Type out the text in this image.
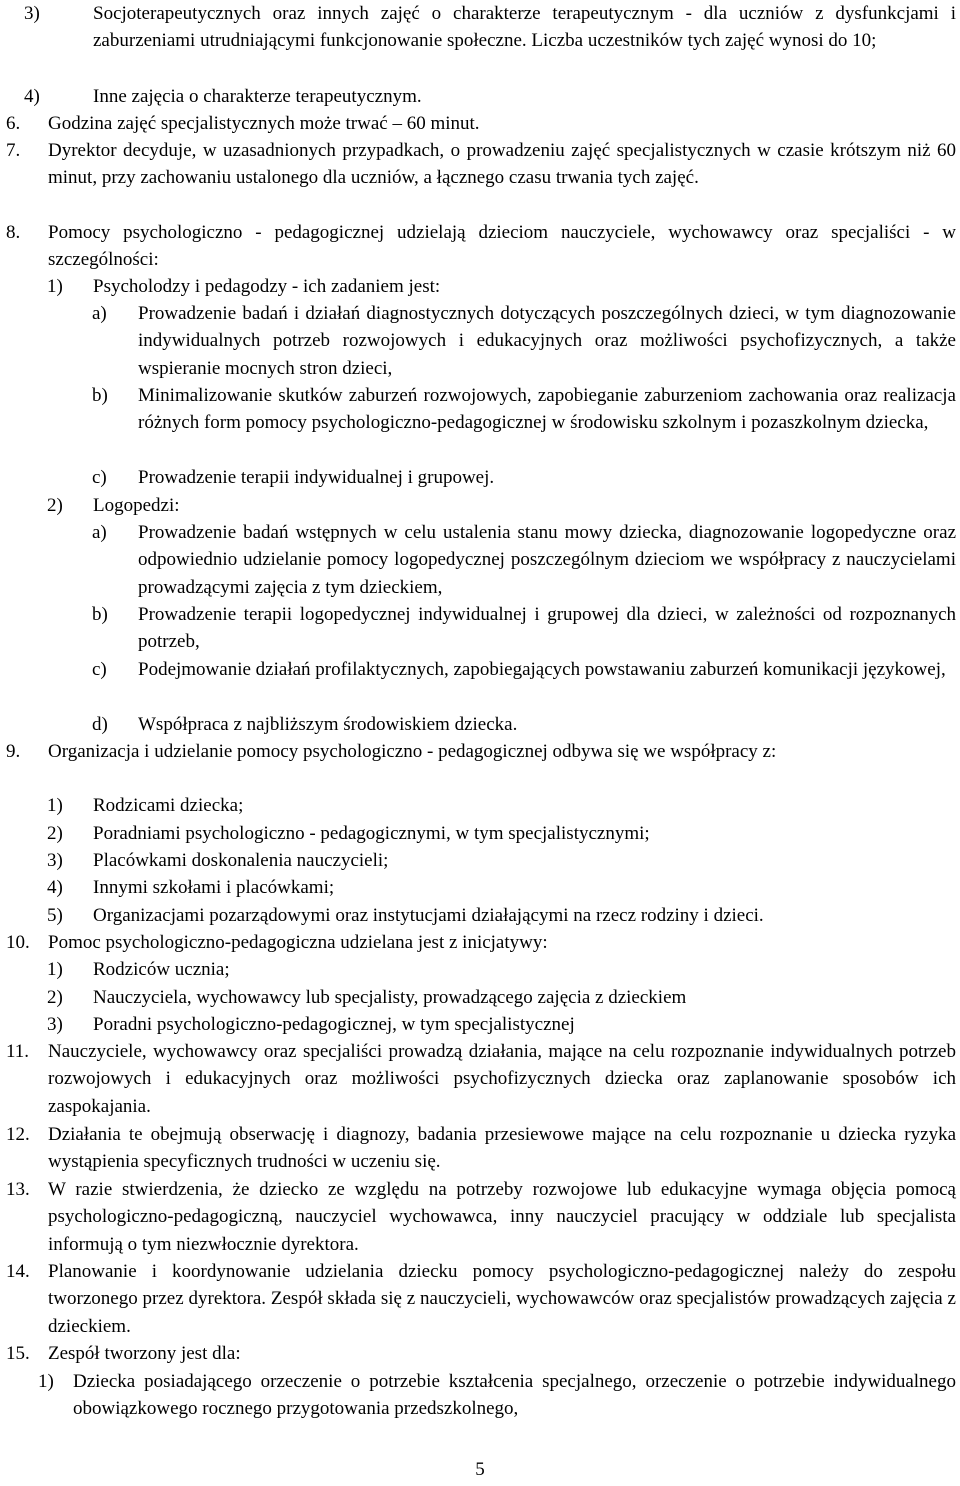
3)	Socjoterapeutycznych oraz innych zajęć o charakterze terapeutycznym - dla uczniów z dysfunkcjami i zaburzeniami utrudniającymi funkcjonowanie społeczne. Liczba uczestników tych zajęć wynosi do 10;
4)	Inne zajęcia o charakterze terapeutycznym.
6. Godzina zajęć specjalistycznych może trwać – 60 minut.
7. Dyrektor decyduje, w uzasadnionych przypadkach, o prowadzeniu zajęć specjalistycznych w czasie krótszym niż 60 minut, przy zachowaniu ustalonego dla uczniów, a łącznego czasu trwania tych zajęć.
8. Pomocy psychologiczno - pedagogicznej udzielają dzieciom nauczyciele, wychowawcy oraz specjaliści - w szczególności:
1) Psycholodzy i pedagodzy - ich zadaniem jest:
a) Prowadzenie badań i działań diagnostycznych dotyczących poszczególnych dzieci, w tym diagnozowanie indywidualnych potrzeb rozwojowych i edukacyjnych oraz możliwości psychofizycznych, a także wspieranie mocnych stron dzieci,
b) Minimalizowanie skutków zaburzeń rozwojowych, zapobieganie zaburzeniom zachowania oraz realizacja różnych form pomocy psychologiczno-pedagogicznej w środowisku szkolnym i pozaszkolnym dziecka,
c) Prowadzenie terapii indywidualnej i grupowej.
2) Logopedzi:
a) Prowadzenie badań wstępnych w celu ustalenia stanu mowy dziecka, diagnozowanie logopedyczne oraz odpowiednio udzielanie pomocy logopedycznej poszczególnym dzieciom we współpracy z nauczycielami prowadzącymi zajęcia z tym dzieckiem,
b) Prowadzenie terapii logopedycznej indywidualnej i grupowej dla dzieci, w zależności od rozpoznanych potrzeb,
c) Podejmowanie działań profilaktycznych, zapobiegających powstawaniu zaburzeń komunikacji językowej,
d) Współpraca z najbliższym środowiskiem dziecka.
9. Organizacja i udzielanie pomocy psychologiczno - pedagogicznej odbywa się we współpracy z:
1) Rodzicami dziecka;
2) Poradniami psychologiczno - pedagogicznymi, w tym specjalistycznymi;
3) Placówkami doskonalenia nauczycieli;
4) Innymi szkołami i placówkami;
5) Organizacjami pozarządowymi oraz instytucjami działającymi na rzecz rodziny i dzieci.
10. Pomoc psychologiczno-pedagogiczna udzielana jest z inicjatywy:
1) Rodziców ucznia;
2) Nauczyciela, wychowawcy lub specjalisty, prowadzącego zajęcia z dzieckiem
3) Poradni psychologiczno-pedagogicznej, w tym specjalistycznej
11. Nauczyciele, wychowawcy oraz specjaliści prowadzą działania, mające na celu rozpoznanie indywidualnych potrzeb rozwojowych i edukacyjnych oraz możliwości psychofizycznych dziecka oraz zaplanowanie sposobów ich zaspokajania.
12. Działania te obejmują obserwację i diagnozy, badania przesiewowe mające na celu rozpoznanie u dziecka ryzyka wystąpienia specyficznych trudności w uczeniu się.
13. W razie stwierdzenia, że dziecko ze względu na potrzeby rozwojowe lub edukacyjne wymaga objęcia pomocą psychologiczno-pedagogiczną, nauczyciel wychowawca, inny nauczyciel pracujący w oddziale lub specjalista informują o tym niezwłocznie dyrektora.
14. Planowanie i koordynowanie udzielania dziecku pomocy psychologiczno-pedagogicznej należy do zespołu tworzonego przez dyrektora. Zespół składa się z nauczycieli, wychowawców oraz specjalistów prowadzących zajęcia z dzieckiem.
15. Zespół tworzony jest dla:
1) Dziecka posiadającego orzeczenie o potrzebie kształcenia specjalnego, orzeczenie o potrzebie indywidualnego obowiązkowego rocznego przygotowania przedszkolnego,
5
